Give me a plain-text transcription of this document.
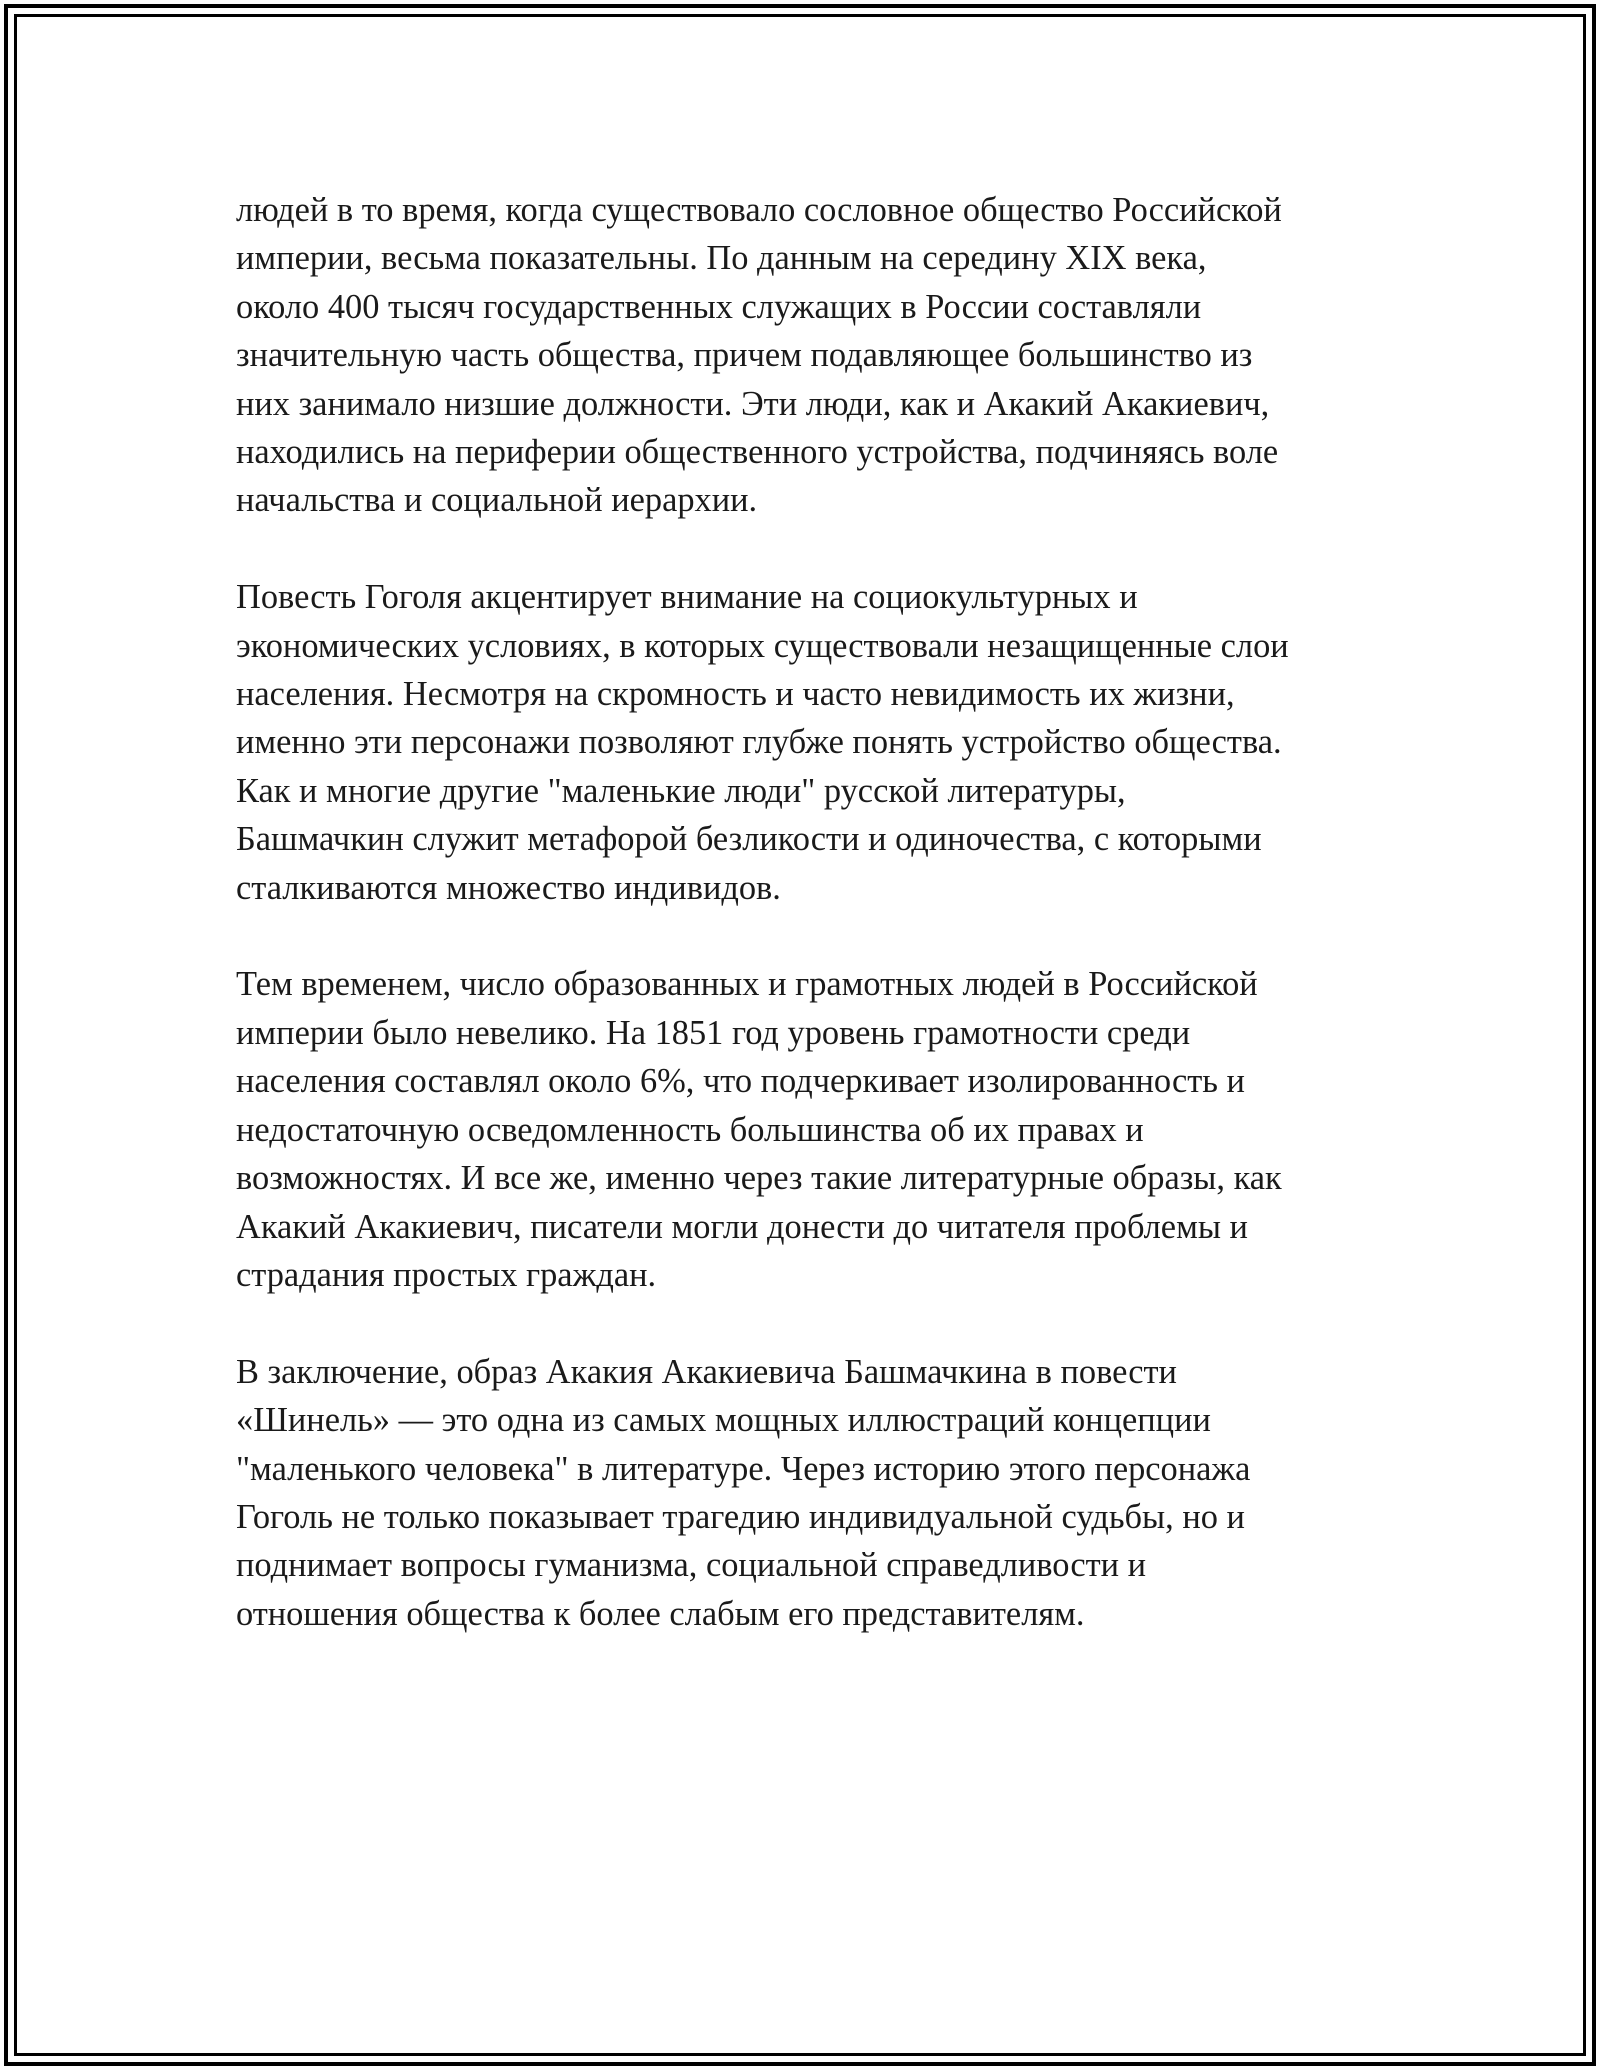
людей в то время, когда существовало сословное общество Российской
империи, весьма показательны. По данным на середину XIX века,
около 400 тысяч государственных служащих в России составляли
значительную часть общества, причем подавляющее большинство из
них занимало низшие должности. Эти люди, как и Акакий Акакиевич,
находились на периферии общественного устройства, подчиняясь воле
начальства и социальной иерархии.

Повесть Гоголя акцентирует внимание на социокультурных и
экономических условиях, в которых существовали незащищенные слои
населения. Несмотря на скромность и часто невидимость их жизни,
именно эти персонажи позволяют глубже понять устройство общества.
Как и многие другие "маленькие люди" русской литературы,
Башмачкин служит метафорой безликости и одиночества, с которыми
сталкиваются множество индивидов.

Тем временем, число образованных и грамотных людей в Российской
империи было невелико. На 1851 год уровень грамотности среди
населения составлял около 6%, что подчеркивает изолированность и
недостаточную осведомленность большинства об их правах и
возможностях. И все же, именно через такие литературные образы, как
Акакий Акакиевич, писатели могли донести до читателя проблемы и
страдания простых граждан.

В заключение, образ Акакия Акакиевича Башмачкина в повести
«Шинель» — это одна из самых мощных иллюстраций концепции
"маленького человека" в литературе. Через историю этого персонажа
Гоголь не только показывает трагедию индивидуальной судьбы, но и
поднимает вопросы гуманизма, социальной справедливости и
отношения общества к более слабым его представителям.
